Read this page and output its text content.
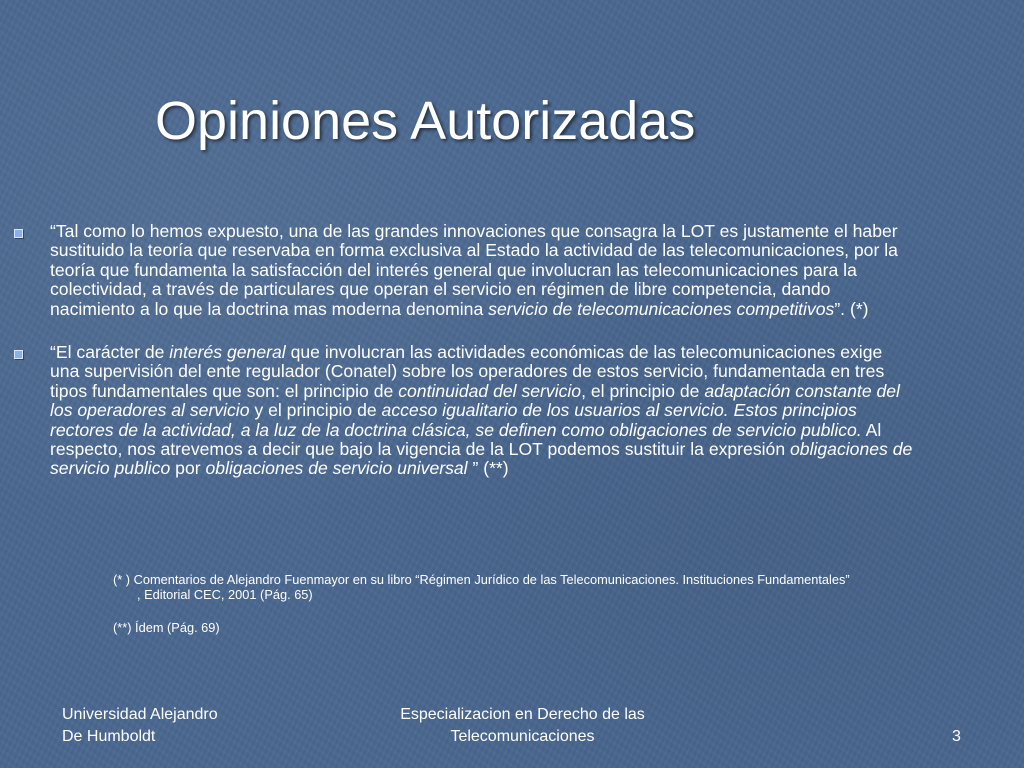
Opiniones Autorizadas
“Tal como lo hemos expuesto, una de las grandes innovaciones que consagra la LOT es justamente el haber sustituido la teoría que reservaba en forma exclusiva al Estado la actividad de las telecomunicaciones, por la teoría que fundamenta la satisfacción del interés general que involucran las telecomunicaciones para la colectividad, a través de particulares que operan el servicio en régimen de libre competencia, dando nacimiento a lo que la doctrina mas moderna denomina servicio de telecomunicaciones competitivos”. (*)
“El carácter de interés general que involucran las actividades económicas de las telecomunicaciones exige una supervisión del ente regulador (Conatel) sobre los operadores de estos servicio, fundamentada en tres tipos fundamentales que son: el principio de continuidad del servicio, el principio de adaptación constante del los operadores al servicio y el principio de acceso igualitario de los usuarios al servicio. Estos principios rectores de la actividad, a la luz de la doctrina clásica, se definen como obligaciones de servicio publico. Al respecto, nos atrevemos a decir que bajo la vigencia de la LOT podemos sustituir la expresión obligaciones de servicio publico por obligaciones de servicio universal ” (**)

(* ) Comentarios de Alejandro Fuenmayor en su libro “Régimen Jurídico de las Telecomunicaciones. Instituciones Fundamentales” , Editorial CEC, 2001 (Pág. 65)

(**) Ídem (Pág. 69)

Universidad Alejandro
De Humboldt
Especializacion en Derecho de las
Telecomunicaciones	3
